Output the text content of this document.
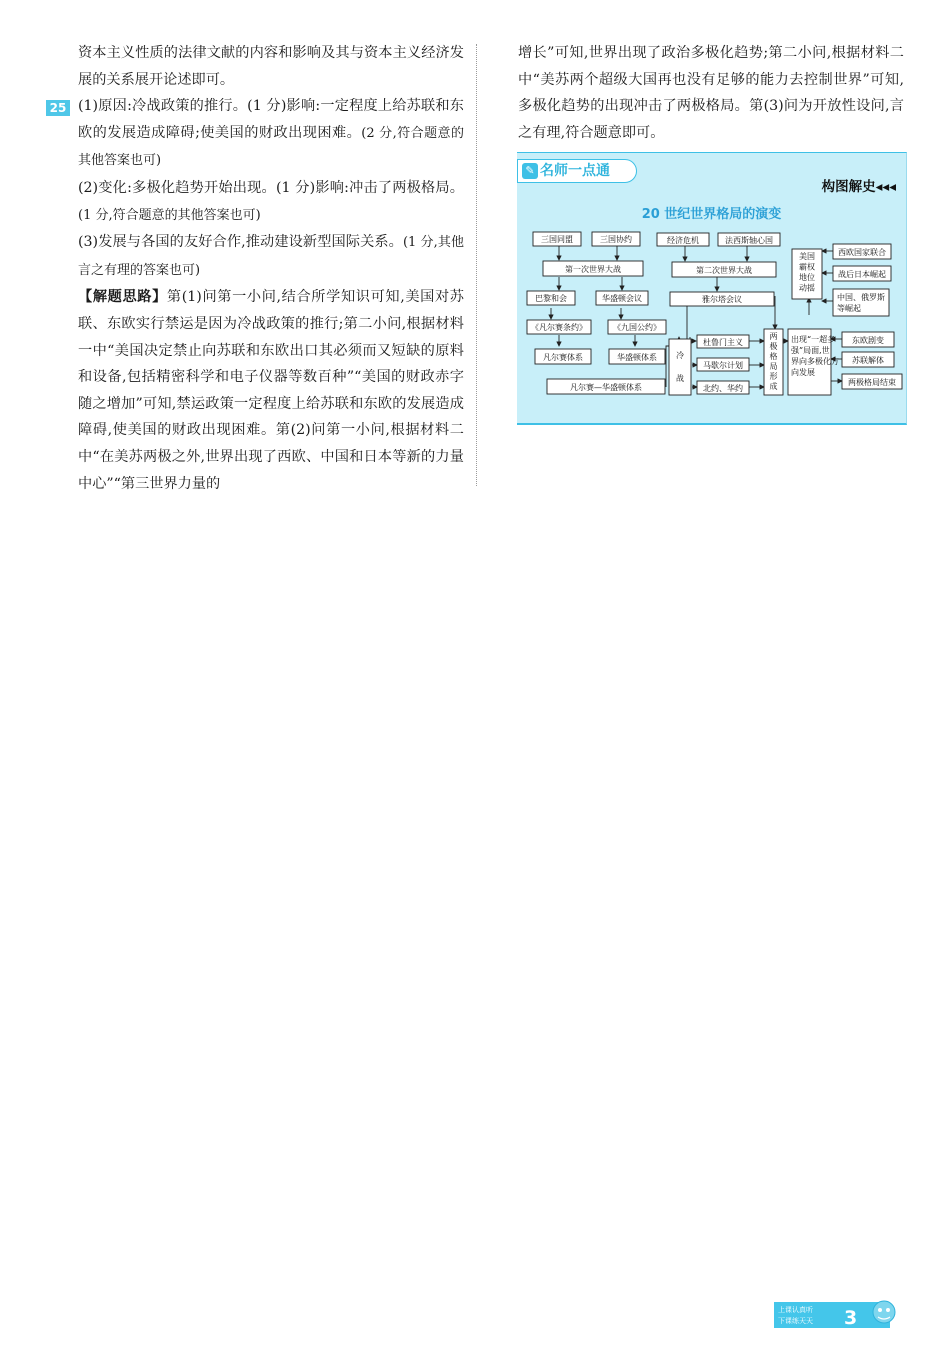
资本主义性质的法律文献的内容和影响及其与资本主义经济发展的关系展开论述即可。

(1)原因:冷战政策的推行。(1 分)影响:一定程度上给苏联和东欧的发展造成障碍;使美国的财政出现困难。(2 分,符合题意的其他答案也可)

(2)变化:多极化趋势开始出现。(1 分)影响:冲击了两极格局。(1 分,符合题意的其他答案也可)

(3)发展与各国的友好合作,推动建设新型国际关系。(1 分,其他言之有理的答案也可)

【解题思路】第(1)问第一小问,结合所学知识可知,美国对苏联、东欧实行禁运是因为冷战政策的推行;第二小问,根据材料一中“美国决定禁止向苏联和东欧出口其必须而又短缺的原料和设备,包括精密科学和电子仪器等数百种”“美国的财政赤字随之增加”可知,禁运政策一定程度上给苏联和东欧的发展造成障碍,使美国的财政出现困难。第(2)问第一小问,根据材料二中“在美苏两极之外,世界出现了西欧、中国和日本等新的力量中心”“第三世界力量的

25

增长”可知,世界出现了政治多极化趋势;第二小问,根据材料二中“美苏两个超级大国再也没有足够的能力去控制世界”可知,多极化趋势的出现冲击了两极格局。第(3)问为开放性设问,言之有理,符合题意即可。

✎ 名师一点通
构图解史◂◂◂
20 世纪世界格局的演变
三国同盟	三国协约
第一次世界大战
巴黎和会	华盛顿会议
《凡尔赛条约》	《九国公约》
凡尔赛体系	华盛顿体系
凡尔赛—华盛顿体系
经济危机	法西斯轴心国
第二次世界大战
雅尔塔会议
冷
战
杜鲁门主义
马歇尔计划
北约、华约
两
极
格
局
形
成
美国
霸权
地位
动摇
西欧国家联合
战后日本崛起
中国、俄罗斯
等崛起
出现“一超多
强”局面,世
界向多极化方
向发展
东欧剧变
苏联解体
两极格局结束
上课认真听
下课练天天 3
